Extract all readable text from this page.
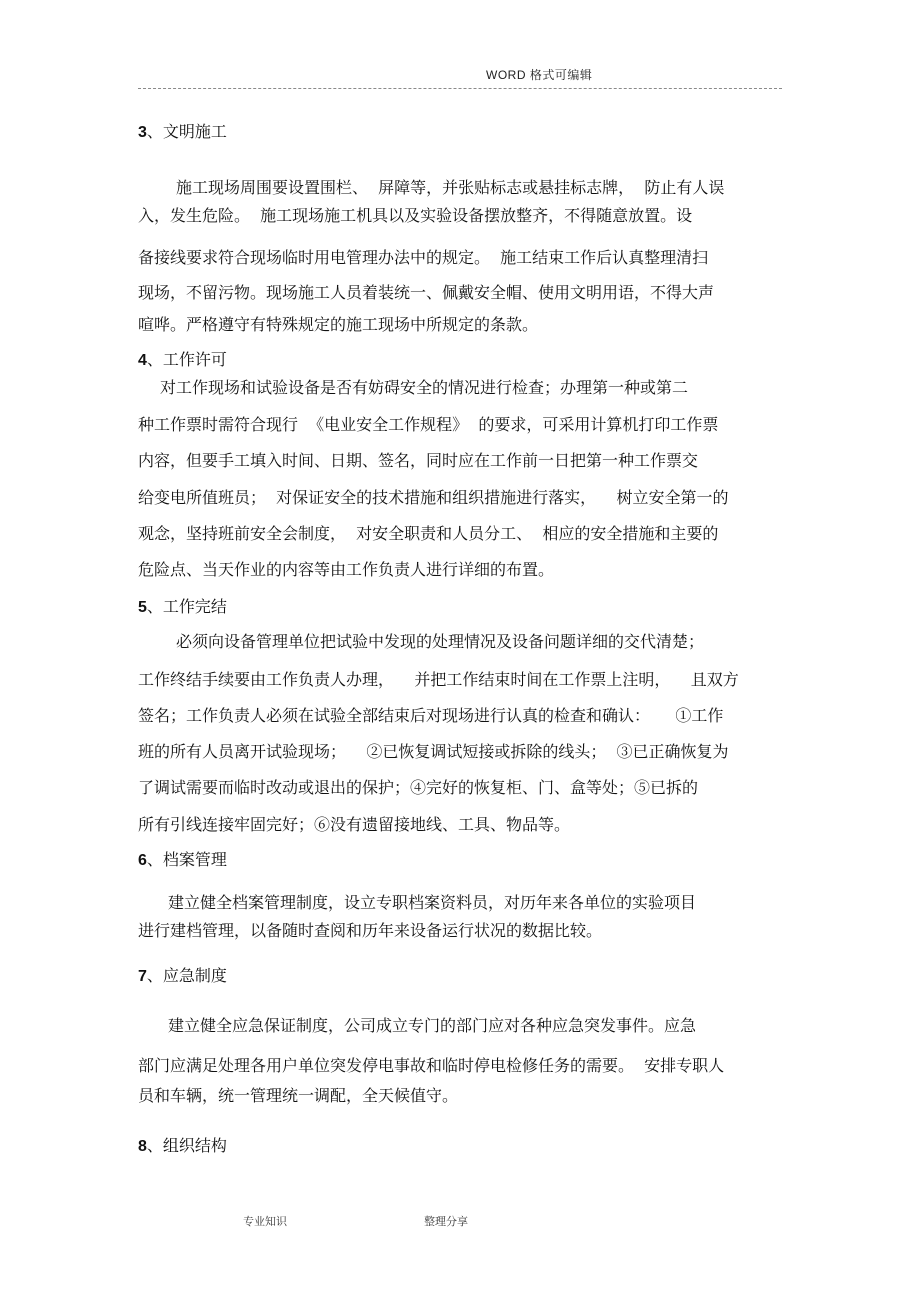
WORD 格式可编辑
3、文明施工
施工现场周围要设置围栏、  屏障等，并张贴标志或悬挂标志牌，  防止有人误
入，发生危险。  施工现场施工机具以及实验设备摆放整齐，不得随意放置。设
备接线要求符合现场临时用电管理办法中的规定。  施工结束工作后认真整理清扫
现场，不留污物。现场施工人员着装统一、佩戴安全帽、使用文明用语，不得大声
喧哗。严格遵守有特殊规定的施工现场中所规定的条款。
4、工作许可
对工作现场和试验设备是否有妨碍安全的情况进行检查；办理第一种或第二
种工作票时需符合现行  《电业安全工作规程》  的要求，可采用计算机打印工作票
内容，但要手工填入时间、日期、签名，同时应在工作前一日把第一种工作票交
给变电所值班员；  对保证安全的技术措施和组织措施进行落实，    树立安全第一的
观念，坚持班前安全会制度，  对安全职责和人员分工、  相应的安全措施和主要的
危险点、当天作业的内容等由工作负责人进行详细的布置。
5、工作完结
必须向设备管理单位把试验中发现的处理情况及设备问题详细的交代清楚；
工作终结手续要由工作负责人办理，    并把工作结束时间在工作票上注明，    且双方
签名；工作负责人必须在试验全部结束后对现场进行认真的检查和确认：     ①工作
班的所有人员离开试验现场；    ②已恢复调试短接或拆除的线头；  ③已正确恢复为
了调试需要而临时改动或退出的保护；④完好的恢复柜、门、盒等处；⑤已拆的
所有引线连接牢固完好；⑥没有遗留接地线、工具、物品等。
6、档案管理
建立健全档案管理制度，设立专职档案资料员，对历年来各单位的实验项目
进行建档管理，以备随时查阅和历年来设备运行状况的数据比较。
7、应急制度
建立健全应急保证制度，公司成立专门的部门应对各种应急突发事件。应急
部门应满足处理各用户单位突发停电事故和临时停电检修任务的需要。  安排专职人
员和车辆，统一管理统一调配，全天候值守。
8、组织结构
专业知识	整理分享
